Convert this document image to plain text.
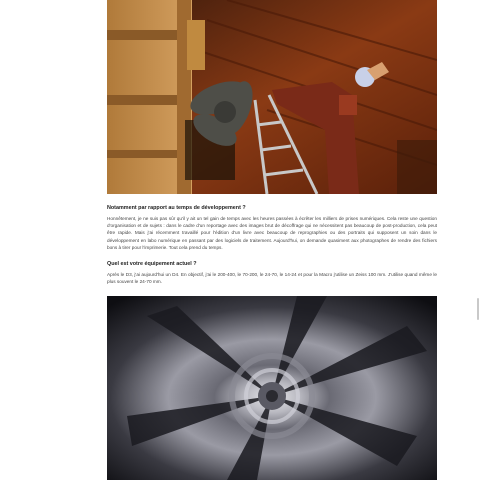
Notamment par rapport au temps de développement ?

Honnêtement, je ne suis pas sûr qu'il y ait un tel gain de temps avec les heures passées à écrêter les milliers de prises numériques. Cela reste une question d'organisation et de sujets : dans le cadre d'un reportage avec des images brut de décoffrage qui ne nécessitent pas beaucoup de post-production, cela peut être rapide. Mais j'ai récemment travaillé pour l'édition d'un livre avec beaucoup de reprographies ou des portraits qui supposent un soin dans le développement en labo numérique en passant par des logiciels de traitement. Aujourd'hui, on demande quasiment aux photographes de rendre des fichiers bons à tirer pour l'imprimerie. Tout cela prend du temps.

Quel est votre équipement actuel ?

Après le D3, j'ai aujourd'hui un D4. En objectif, j'ai le 200-400, le 70-200, le 24-70, le 14-24 et pour la Macro j'utilise un Zeiss 100 mm. J'utilise quand même le plus souvent le 24-70 mm.
